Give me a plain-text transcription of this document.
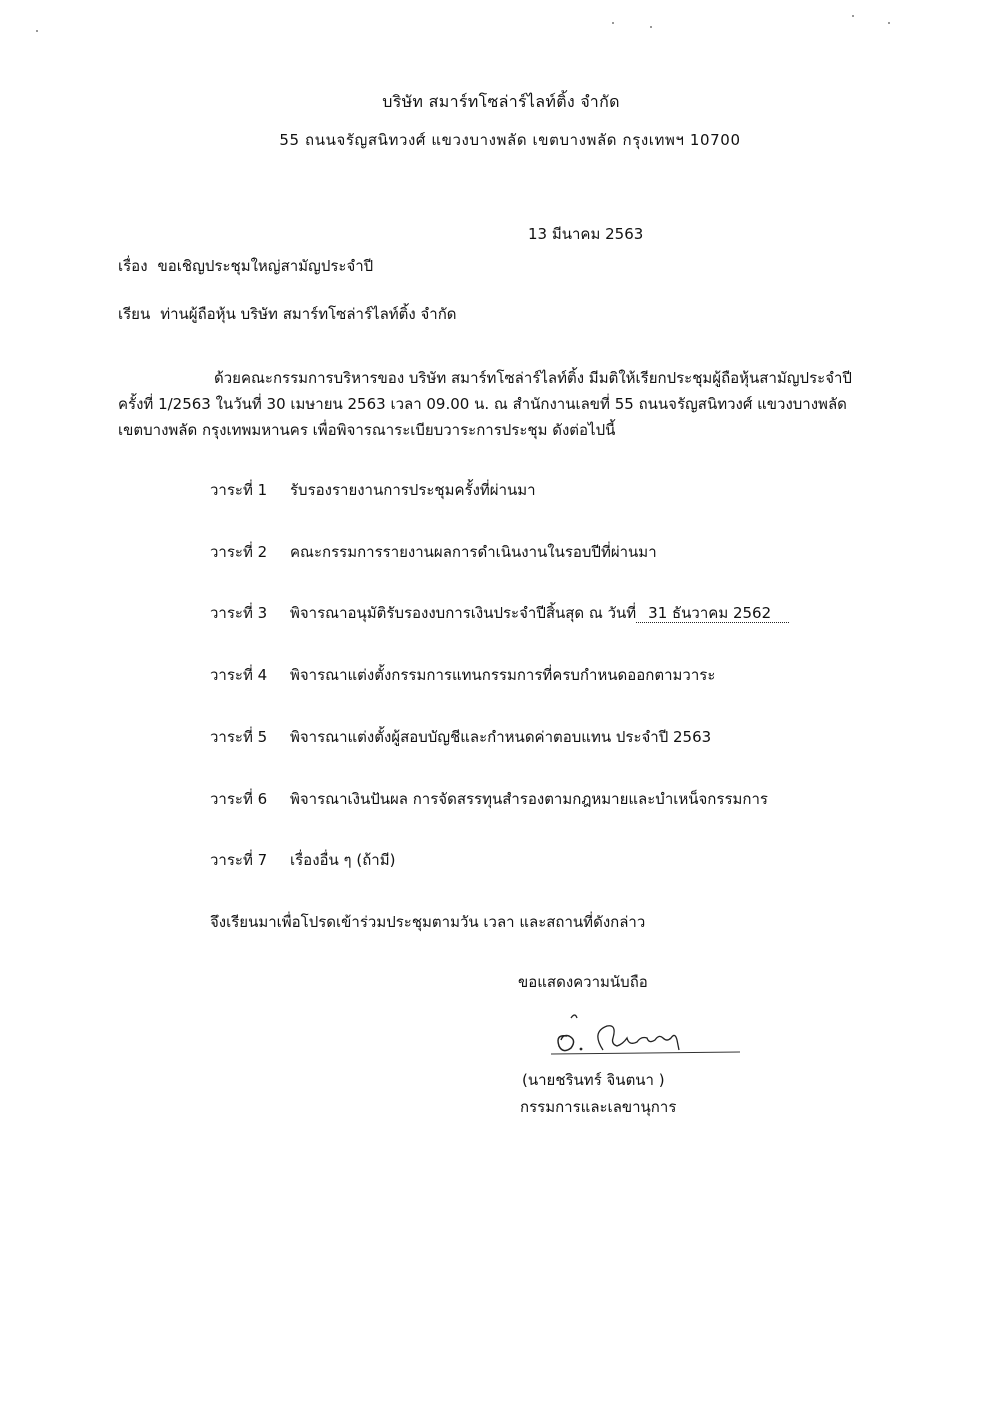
บริษัท สมาร์ทโซล่าร์ไลท์ติ้ง จำกัด
55 ถนนจรัญสนิทวงศ์ แขวงบางพลัด เขตบางพลัด กรุงเทพฯ 10700
13 มีนาคม 2563
เรื่อง ขอเชิญประชุมใหญ่สามัญประจำปี
เรียน ท่านผู้ถือหุ้น บริษัท สมาร์ทโซล่าร์ไลท์ติ้ง จำกัด
ด้วยคณะกรรมการบริหารของ บริษัท สมาร์ทโซล่าร์ไลท์ติ้ง มีมติให้เรียกประชุมผู้ถือหุ้นสามัญประจำปี
ครั้งที่ 1/2563 ในวันที่ 30 เมษายน 2563 เวลา 09.00 น. ณ สำนักงานเลขที่ 55 ถนนจรัญสนิทวงศ์ แขวงบางพลัด
เขตบางพลัด กรุงเทพมหานคร เพื่อพิจารณาระเบียบวาระการประชุม ดังต่อไปนี้
วาระที่ 1 รับรองรายงานการประชุมครั้งที่ผ่านมา
วาระที่ 2 คณะกรรมการรายงานผลการดำเนินงานในรอบปีที่ผ่านมา
วาระที่ 3 พิจารณาอนุมัติรับรองงบการเงินประจำปีสิ้นสุด ณ วันที่ 31 ธันวาคม 2562
วาระที่ 4 พิจารณาแต่งตั้งกรรมการแทนกรรมการที่ครบกำหนดออกตามวาระ
วาระที่ 5 พิจารณาแต่งตั้งผู้สอบบัญชีและกำหนดค่าตอบแทน ประจำปี 2563
วาระที่ 6 พิจารณาเงินปันผล การจัดสรรทุนสำรองตามกฎหมายและบำเหน็จกรรมการ
วาระที่ 7 เรื่องอื่น ๆ (ถ้ามี)
จึงเรียนมาเพื่อโปรดเข้าร่วมประชุมตามวัน เวลา และสถานที่ดังกล่าว
ขอแสดงความนับถือ
(นายชรินทร์ จินตนา )
กรรมการและเลขานุการ
